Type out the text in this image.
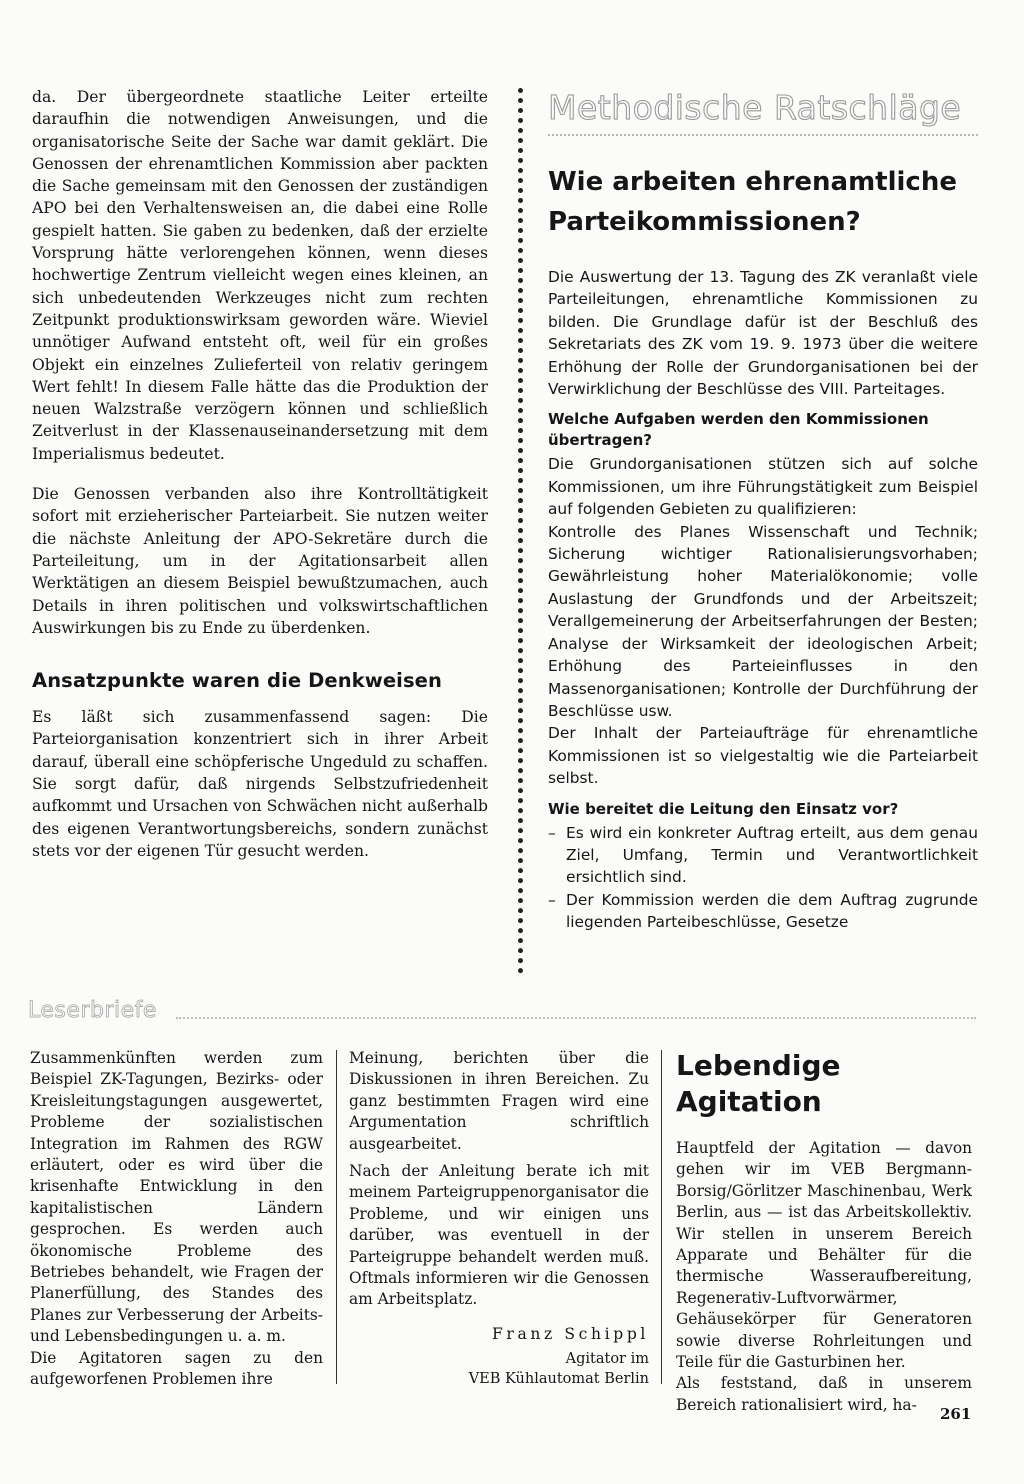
da. Der übergeordnete staatliche Leiter erteilte daraufhin die notwendigen Anweisungen, und die organisatorische Seite der Sache war damit geklärt. Die Genossen der ehrenamtlichen Kommission aber packten die Sache gemeinsam mit den Genossen der zuständigen APO bei den Verhaltensweisen an, die dabei eine Rolle gespielt hatten. Sie gaben zu bedenken, daß der erzielte Vorsprung hätte verlorengehen können, wenn dieses hochwertige Zentrum vielleicht wegen eines kleinen, an sich unbedeutenden Werkzeuges nicht zum rechten Zeitpunkt produktionswirksam geworden wäre. Wieviel unnötiger Aufwand entsteht oft, weil für ein großes Objekt ein einzelnes Zulieferteil von relativ geringem Wert fehlt! In diesem Falle hätte das die Produktion der neuen Walzstraße verzögern können und schließlich Zeitverlust in der Klassenauseinandersetzung mit dem Imperialismus bedeutet.

Die Genossen verbanden also ihre Kontrolltätigkeit sofort mit erzieherischer Parteiarbeit. Sie nutzen weiter die nächste Anleitung der APO-Sekretäre durch die Parteileitung, um in der Agitationsarbeit allen Werktätigen an diesem Beispiel bewußtzumachen, auch Details in ihren politischen und volkswirtschaftlichen Auswirkungen bis zu Ende zu überdenken.

Ansatzpunkte waren die Denkweisen

Es läßt sich zusammenfassend sagen: Die Parteiorganisation konzentriert sich in ihrer Arbeit darauf, überall eine schöpferische Ungeduld zu schaffen. Sie sorgt dafür, daß nirgends Selbstzufriedenheit aufkommt und Ursachen von Schwächen nicht außerhalb des eigenen Verantwortungsbereichs, sondern zunächst stets vor der eigenen Tür gesucht werden.

Methodische Ratschläge

Wie arbeiten ehrenamtliche Parteikommissionen?

Die Auswertung der 13. Tagung des ZK veranlaßt viele Parteileitungen, ehrenamtliche Kommissionen zu bilden. Die Grundlage dafür ist der Beschluß des Sekretariats des ZK vom 19. 9. 1973 über die weitere Erhöhung der Rolle der Grundorganisationen bei der Verwirklichung der Beschlüsse des VIII. Parteitages.

Welche Aufgaben werden den Kommissionen übertragen?

Die Grundorganisationen stützen sich auf solche Kommissionen, um ihre Führungstätigkeit zum Beispiel auf folgenden Gebieten zu qualifizieren:

Kontrolle des Planes Wissenschaft und Technik; Sicherung wichtiger Rationalisierungsvorhaben; Gewährleistung hoher Materialökonomie; volle Auslastung der Grundfonds und der Arbeitszeit; Verallgemeinerung der Arbeitserfahrungen der Besten; Analyse der Wirksamkeit der ideologischen Arbeit; Erhöhung des Parteieinflusses in den Massenorganisationen; Kontrolle der Durchführung der Beschlüsse usw.

Der Inhalt der Parteiaufträge für ehrenamtliche Kommissionen ist so vielgestaltig wie die Parteiarbeit selbst.

Wie bereitet die Leitung den Einsatz vor?

– Es wird ein konkreter Auftrag erteilt, aus dem genau Ziel, Umfang, Termin und Verantwortlichkeit ersichtlich sind.
– Der Kommission werden die dem Auftrag zugrunde liegenden Parteibeschlüsse, Gesetze

Leserbriefe

Zusammenkünften werden zum Beispiel ZK-Tagungen, Bezirks- oder Kreisleitungstagungen ausgewertet, Probleme der sozialistischen Integration im Rahmen des RGW erläutert, oder es wird über die krisenhafte Entwicklung in den kapitalistischen Ländern gesprochen. Es werden auch ökonomische Probleme des Betriebes behandelt, wie Fragen der Planerfüllung, des Standes des Planes zur Verbesserung der Arbeits- und Lebensbedingungen u. a. m.

Die Agitatoren sagen zu den aufgeworfenen Problemen ihre

Meinung, berichten über die Diskussionen in ihren Bereichen. Zu ganz bestimmten Fragen wird eine Argumentation schriftlich ausgearbeitet.

Nach der Anleitung berate ich mit meinem Parteigruppenorganisator die Probleme, und wir einigen uns darüber, was eventuell in der Parteigruppe behandelt werden muß. Oftmals informieren wir die Genossen am Arbeitsplatz.

Franz Schippl

Agitator im

VEB Kühlautomat Berlin

Lebendige Agitation

Hauptfeld der Agitation — davon gehen wir im VEB Bergmann-Borsig/Görlitzer Maschinenbau, Werk Berlin, aus — ist das Arbeitskollektiv. Wir stellen in unserem Bereich Apparate und Behälter für die thermische Wasseraufbereitung, Regenerativ-Luftvorwärmer, Gehäusekörper für Generatoren sowie diverse Rohrleitungen und Teile für die Gasturbinen her.

Als feststand, daß in unserem Bereich rationalisiert wird, ha-

261
